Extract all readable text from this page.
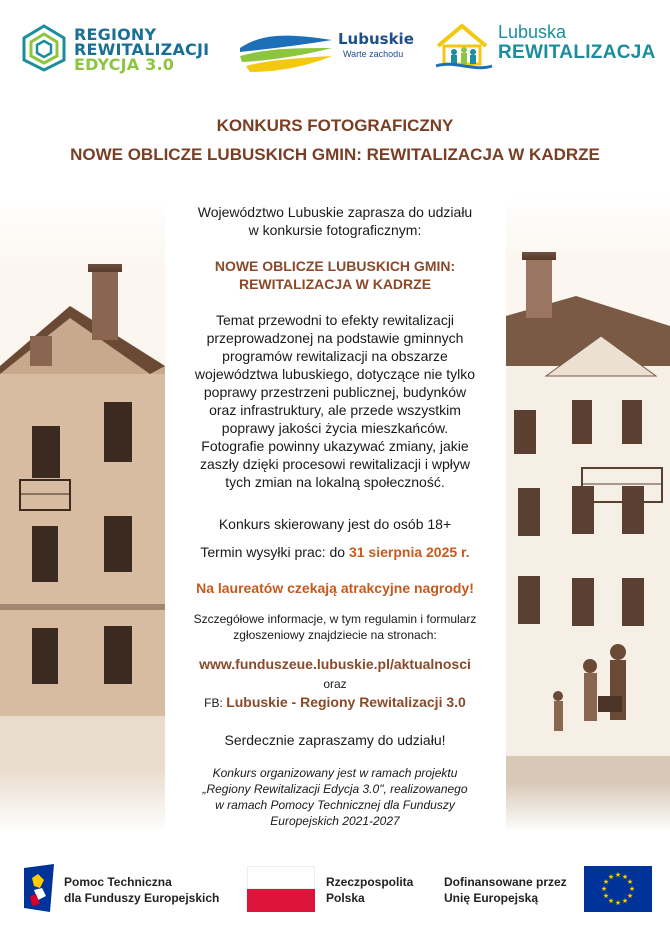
REGIONY
REWITALIZACJI
EDYCJA 3.0
Lubuskie
Warte zachodu
Lubuska
REWITALIZACJA
KONKURS FOTOGRAFICZNY
NOWE OBLICZE LUBUSKICH GMIN: REWITALIZACJA W KADRZE
Województwo Lubuskie zaprasza do udziału
w konkursie fotograficznym:
NOWE OBLICZE LUBUSKICH GMIN:
REWITALIZACJA W KADRZE
Temat przewodni to efekty rewitalizacji
przeprowadzonej na podstawie gminnych
programów rewitalizacji na obszarze
województwa lubuskiego, dotyczące nie tylko
poprawy przestrzeni publicznej, budynków
oraz infrastruktury, ale przede wszystkim
poprawy jakości życia mieszkańców.
Fotografie powinny ukazywać zmiany, jakie
zaszły dzięki procesowi rewitalizacji i wpływ
tych zmian na lokalną społeczność.
Konkurs skierowany jest do osób 18+
Termin wysyłki prac: do 31 sierpnia 2025 r.
Na laureatów czekają atrakcyjne nagrody!
Szczegółowe informacje, w tym regulamin i formularz
zgłoszeniowy znajdziecie na stronach:
www.funduszeue.lubuskie.pl/aktualnosci
oraz
FB: Lubuskie - Regiony Rewitalizacji 3.0
Serdecznie zapraszamy do udziału!
Konkurs organizowany jest w ramach projektu
„Regiony Rewitalizacji Edycja 3.0", realizowanego
w ramach Pomocy Technicznej dla Funduszy
Europejskich 2021-2027
Pomoc Techniczna
dla Funduszy Europejskich
Rzeczpospolita
Polska
Dofinansowane przez
Unię Europejską
★ ★
★
★
★
★
★
★
★
★
★
★
